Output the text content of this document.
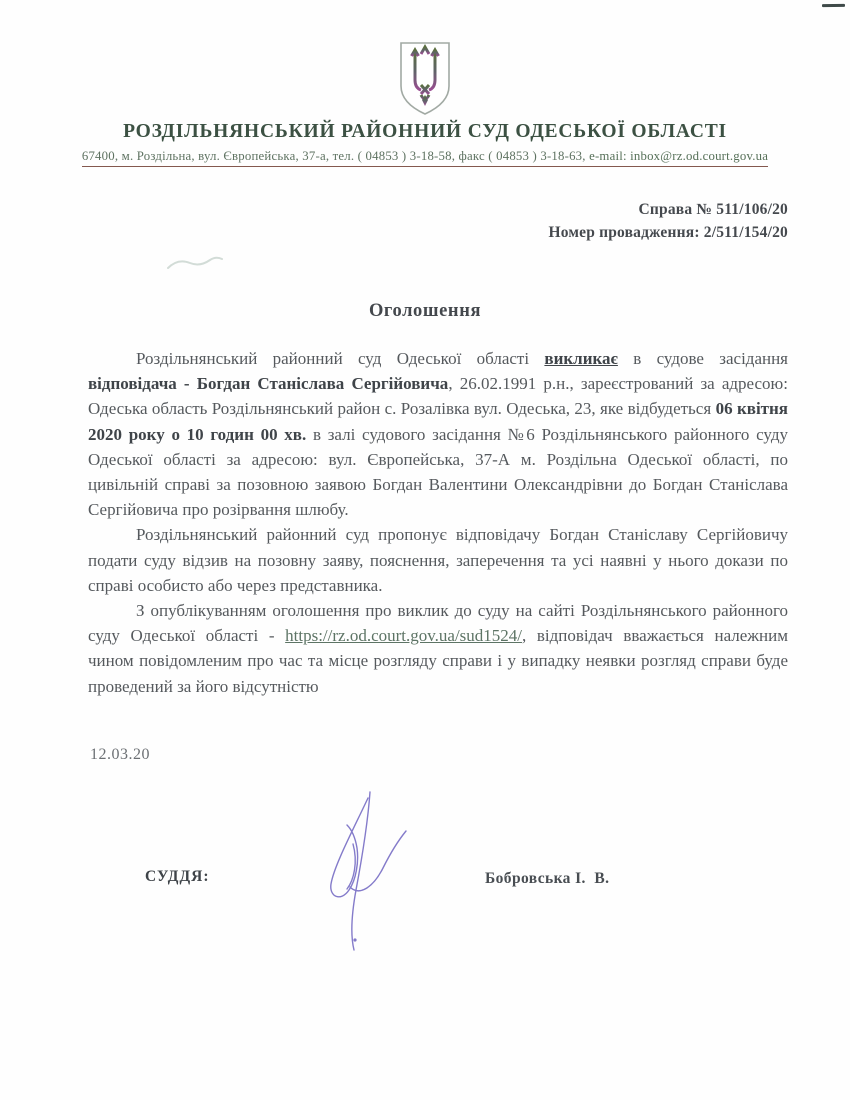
РОЗДІЛЬНЯНСЬКИЙ РАЙОННИЙ СУД ОДЕСЬКОЇ ОБЛАСТІ
67400, м. Роздільна, вул. Європейська, 37-а, тел. ( 04853 ) 3-18-58, факс ( 04853 ) 3-18-63, e-mail: inbox@rz.od.court.gov.ua
Справа № 511/106/20
Номер провадження: 2/511/154/20
Оголошення
Роздільнянський районний суд Одеської області викликає в судове засідання відповідача - Богдан Станіслава Сергійовича, 26.02.1991 р.н., зареєстрований за адресою: Одеська область Роздільнянський район с. Розалівка вул. Одеська, 23, яке відбудеться 06 квітня 2020 року о 10 годин 00 хв. в залі судового засідання №6 Роздільнянського районного суду Одеської області за адресою: вул. Європейська, 37-А м. Роздільна Одеської області, по цивільній справі за позовною заявою Богдан Валентини Олександрівни до Богдан Станіслава Сергійовича про розірвання шлюбу.
Роздільнянський районний суд пропонує відповідачу Богдан Станіславу Сергійовичу подати суду відзив на позовну заяву, пояснення, заперечення та усі наявні у нього докази по справі особисто або через представника.
З опублікуванням оголошення про виклик до суду на сайті Роздільнянського районного суду Одеської області - https://rz.od.court.gov.ua/sud1524/, відповідач вважається належним чином повідомленим про час та місце розгляду справи і у випадку неявки розгляд справи буде проведений за його відсутністю
12.03.20
СУДДЯ:	Бобровська І.  В.
